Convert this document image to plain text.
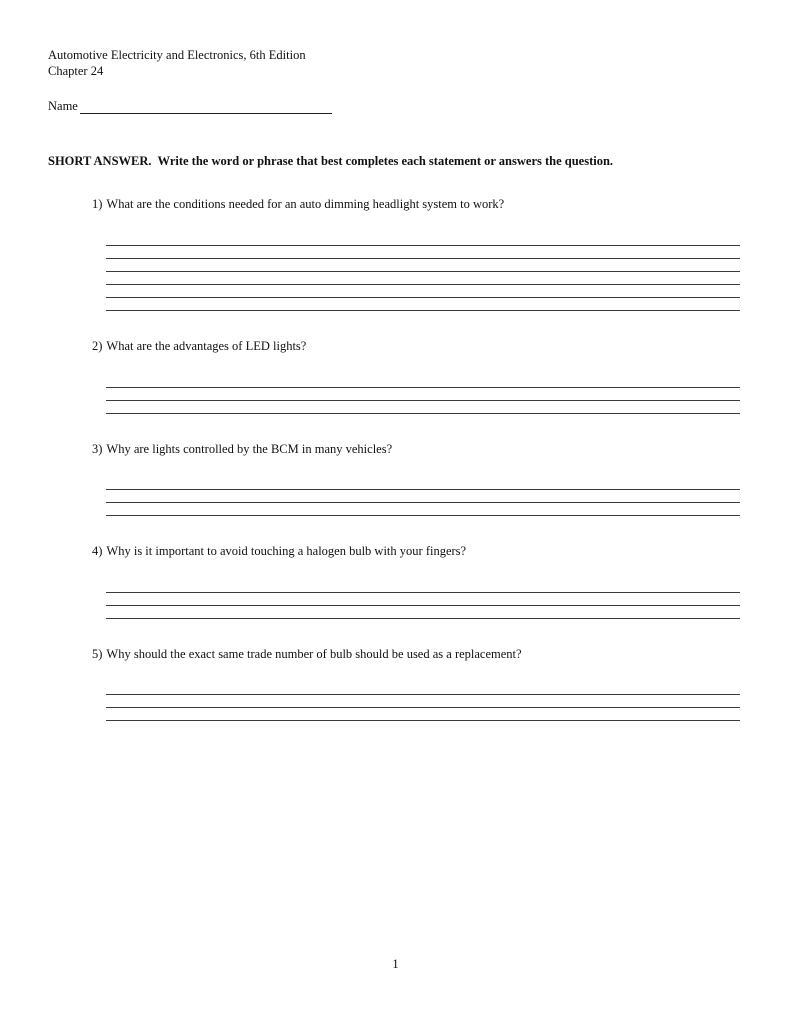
Automotive Electricity and Electronics, 6th Edition
Chapter 24
Name
SHORT ANSWER.  Write the word or phrase that best completes each statement or answers the question.
1) What are the conditions needed for an auto dimming headlight system to work?
2) What are the advantages of LED lights?
3) Why are lights controlled by the BCM in many vehicles?
4) Why is it important to avoid touching a halogen bulb with your fingers?
5) Why should the exact same trade number of bulb should be used as a replacement?
1
